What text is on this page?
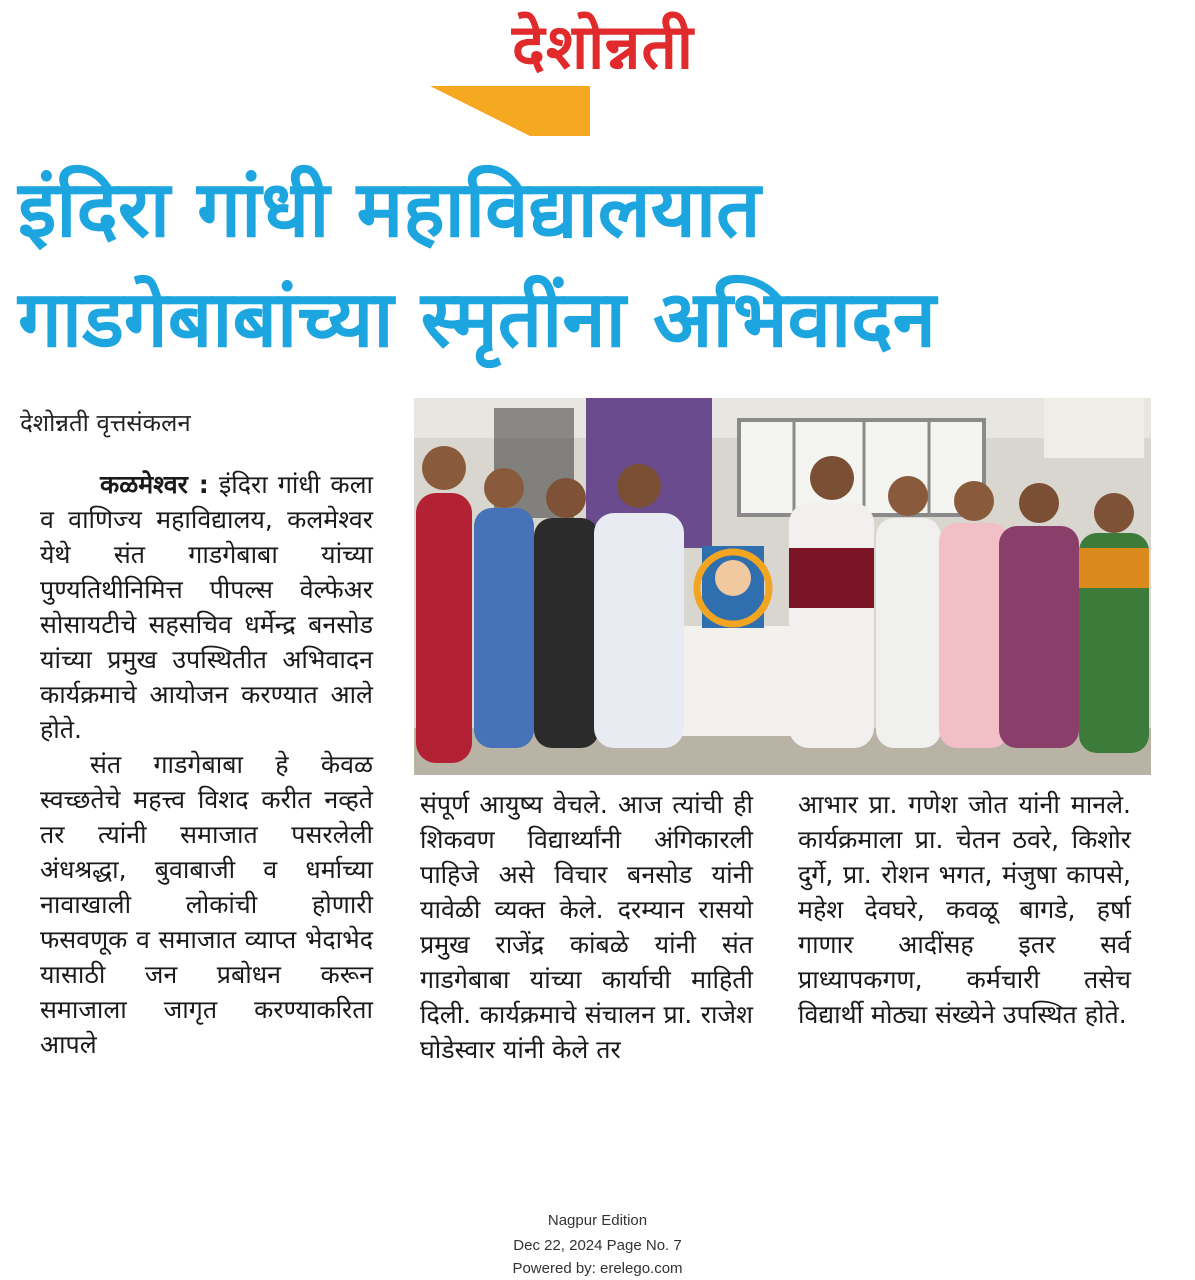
देशोन्नती
इंदिरा गांधी महाविद्यालयात
गाडगेबाबांच्या स्मृतींना अभिवादन
देशोन्नती वृत्तसंकलन

कळमेश्वर : इंदिरा गांधी कला व वाणिज्य महाविद्यालय, कलमेश्वर येथे संत गाडगेबाबा यांच्या पुण्यतिथीनिमित्त पीपल्स वेल्फेअर सोसायटीचे सहसचिव धर्मेन्द्र बनसोड यांच्या प्रमुख उपस्थितीत अभिवादन कार्यक्रमाचे आयोजन करण्यात आले होते.

संत गाडगेबाबा हे केवळ स्वच्छतेचे महत्त्व विशद करीत नव्हते तर त्यांनी समाजात पसरलेली अंधश्रद्धा, बुवाबाजी व धर्माच्या नावाखाली लोकांची होणारी फसवणूक व समाजात व्याप्त भेदाभेद यासाठी जन प्रबोधन करून समाजाला जागृत करण्याकरिता आपले

संपूर्ण आयुष्य वेचले. आज त्यांची ही शिकवण विद्यार्थ्यांनी अंगिकारली पाहिजे असे विचार बनसोड यांनी यावेळी व्यक्त केले. दरम्यान रासयो प्रमुख राजेंद्र कांबळे यांनी संत गाडगेबाबा यांच्या कार्याची माहिती दिली. कार्यक्रमाचे संचालन प्रा. राजेश घोडेस्वार यांनी केले तर

आभार प्रा. गणेश जोत यांनी मानले. कार्यक्रमाला प्रा. चेतन ठवरे, किशोर दुर्गे, प्रा. रोशन भगत, मंजुषा कापसे, महेश देवघरे, कवळू बागडे, हर्षा गाणार आदींसह इतर सर्व प्राध्यापकगण, कर्मचारी तसेच विद्यार्थी मोठ्या संख्येने उपस्थित होते.

Nagpur Edition
Dec 22, 2024 Page No. 7
Powered by: erelego.com
